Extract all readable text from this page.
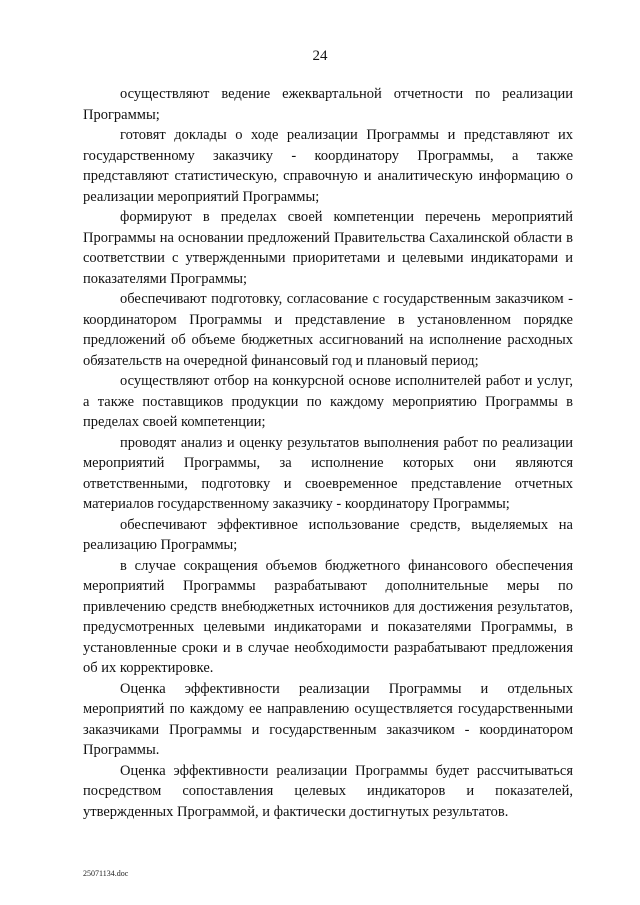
24

осуществляют ведение ежеквартальной отчетности по реализации Программы;

готовят доклады о ходе реализации Программы и представляют их государственному заказчику - координатору Программы, а также представляют статистическую, справочную и аналитическую информацию о реализации мероприятий Программы;

формируют в пределах своей компетенции перечень мероприятий Программы на основании предложений Правительства Сахалинской области в соответствии с утвержденными приоритетами и целевыми индикаторами и показателями Программы;

обеспечивают подготовку, согласование с государственным заказчиком - координатором Программы и представление в установленном порядке предложений об объеме бюджетных ассигнований на исполнение расходных обязательств на очередной финансовый год и плановый период;

осуществляют отбор на конкурсной основе исполнителей работ и услуг, а также поставщиков продукции по каждому мероприятию Программы в пределах своей компетенции;

проводят анализ и оценку результатов выполнения работ по реализации мероприятий Программы, за исполнение которых они являются ответственными, подготовку и своевременное представление отчетных материалов государственному заказчику - координатору Программы;

обеспечивают эффективное использование средств, выделяемых на реализацию Программы;

в случае сокращения объемов бюджетного финансового обеспечения мероприятий Программы разрабатывают дополнительные меры по привлечению средств внебюджетных источников для достижения результатов, предусмотренных целевыми индикаторами и показателями Программы, в установленные сроки и в случае необходимости разрабатывают предложения об их корректировке.

Оценка эффективности реализации Программы и отдельных мероприятий по каждому ее направлению осуществляется государственными заказчиками Программы и государственным заказчиком - координатором Программы.

Оценка эффективности реализации Программы будет рассчитываться посредством сопоставления целевых индикаторов и показателей, утвержденных Программой, и фактически достигнутых результатов.

25071134.doc
